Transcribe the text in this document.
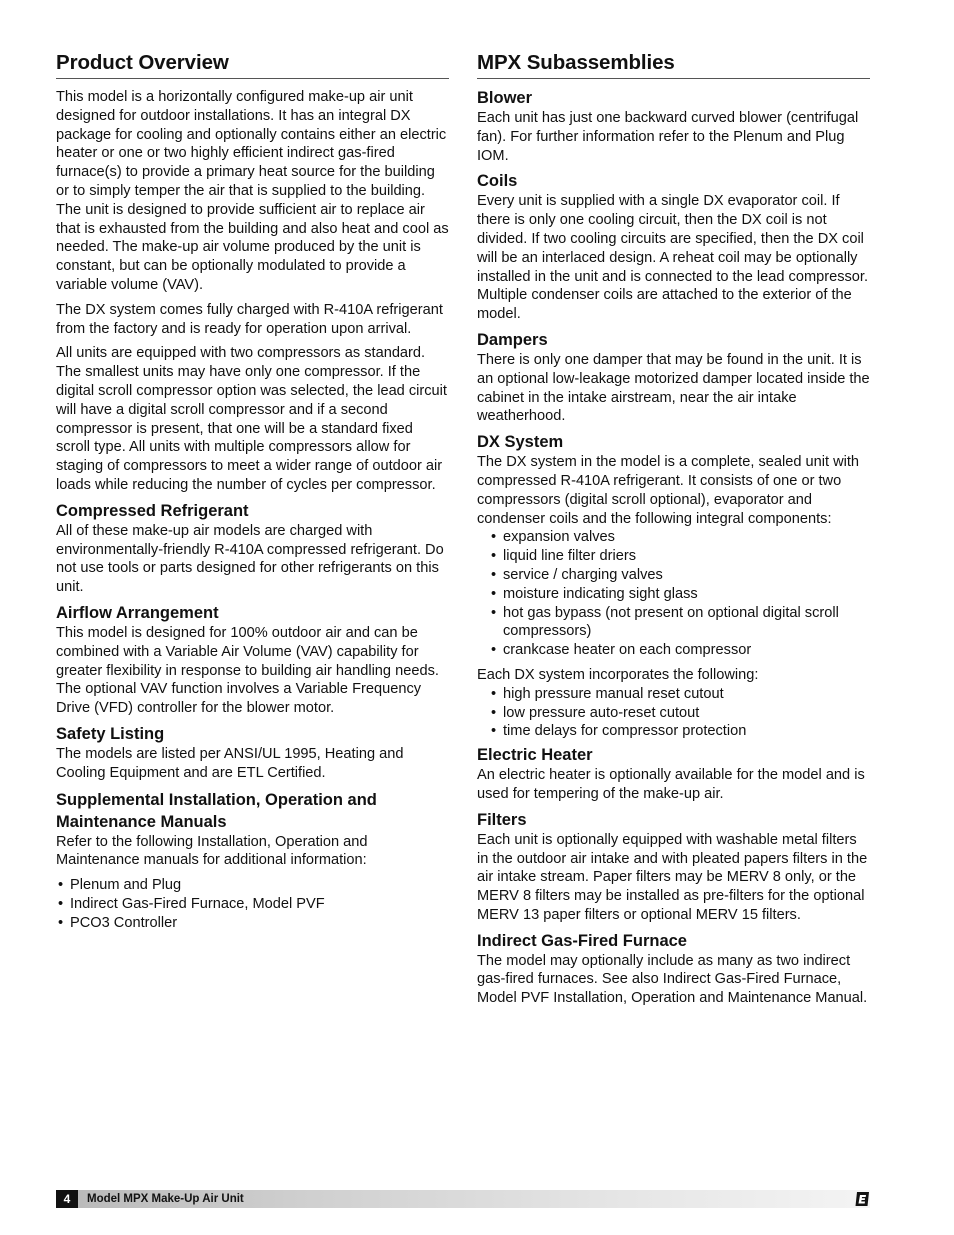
Product Overview

This model is a horizontally configured make-up air unit designed for outdoor installations. It has an integral DX package for cooling and optionally contains either an electric heater or one or two highly efficient indirect gas-fired furnace(s) to provide a primary heat source for the building or to simply temper the air that is supplied to the building. The unit is designed to provide sufficient air to replace air that is exhausted from the building and also heat and cool as needed. The make-up air volume produced by the unit is constant, but can be optionally modulated to provide a variable volume (VAV).

The DX system comes fully charged with R-410A refrigerant from the factory and is ready for operation upon arrival.

All units are equipped with two compressors as standard. The smallest units may have only one compressor. If the digital scroll compressor option was selected, the lead circuit will have a digital scroll compressor and if a second compressor is present, that one will be a standard fixed scroll type. All units with multiple compressors allow for staging of compressors to meet a wider range of outdoor air loads while reducing the number of cycles per compressor.

Compressed Refrigerant

All of these make-up air models are charged with environmentally-friendly R-410A compressed refrigerant. Do not use tools or parts designed for other refrigerants on this unit.

Airflow Arrangement

This model is designed for 100% outdoor air and can be combined with a Variable Air Volume (VAV) capability for greater flexibility in response to building air handling needs. The optional VAV function involves a Variable Frequency Drive (VFD) controller for the blower motor.

Safety Listing

The models are listed per ANSI/UL 1995, Heating and Cooling Equipment and are ETL Certified.

Supplemental Installation, Operation and Maintenance Manuals

Refer to the following Installation, Operation and Maintenance manuals for additional information:

• Plenum and Plug
• Indirect Gas-Fired Furnace, Model PVF
• PCO3 Controller
MPX Subassemblies
Blower

Each unit has just one backward curved blower (centrifugal fan). For further information refer to the Plenum and Plug IOM.

Coils

Every unit is supplied with a single DX evaporator coil. If there is only one cooling circuit, then the DX coil is not divided. If two cooling circuits are specified, then the DX coil will be an interlaced design. A reheat coil may be optionally installed in the unit and is connected to the lead compressor. Multiple condenser coils are attached to the exterior of the model.

Dampers

There is only one damper that may be found in the unit. It is an optional low-leakage motorized damper located inside the cabinet in the intake airstream, near the air intake weatherhood.

DX System

The DX system in the model is a complete, sealed unit with compressed R-410A refrigerant. It consists of one or two compressors (digital scroll optional), evaporator and condenser coils and the following integral components:

• expansion valves
• liquid line filter driers
• service / charging valves
• moisture indicating sight glass
• hot gas bypass (not present on optional digital scroll compressors)
• crankcase heater on each compressor

Each DX system incorporates the following:

• high pressure manual reset cutout
• low pressure auto-reset cutout
• time delays for compressor protection
Electric Heater

An electric heater is optionally available for the model and is used for tempering of the make-up air.

Filters

Each unit is optionally equipped with washable metal filters in the outdoor air intake and with pleated papers filters in the air intake stream. Paper filters may be MERV 8 only, or the MERV 8 filters may be installed as pre-filters for the optional MERV 13 paper filters or optional MERV 15 filters.

Indirect Gas-Fired Furnace

The model may optionally include as many as two indirect gas-fired furnaces. See also Indirect Gas-Fired Furnace, Model PVF Installation, Operation and Maintenance Manual.

4	Model MPX Make-Up Air Unit
